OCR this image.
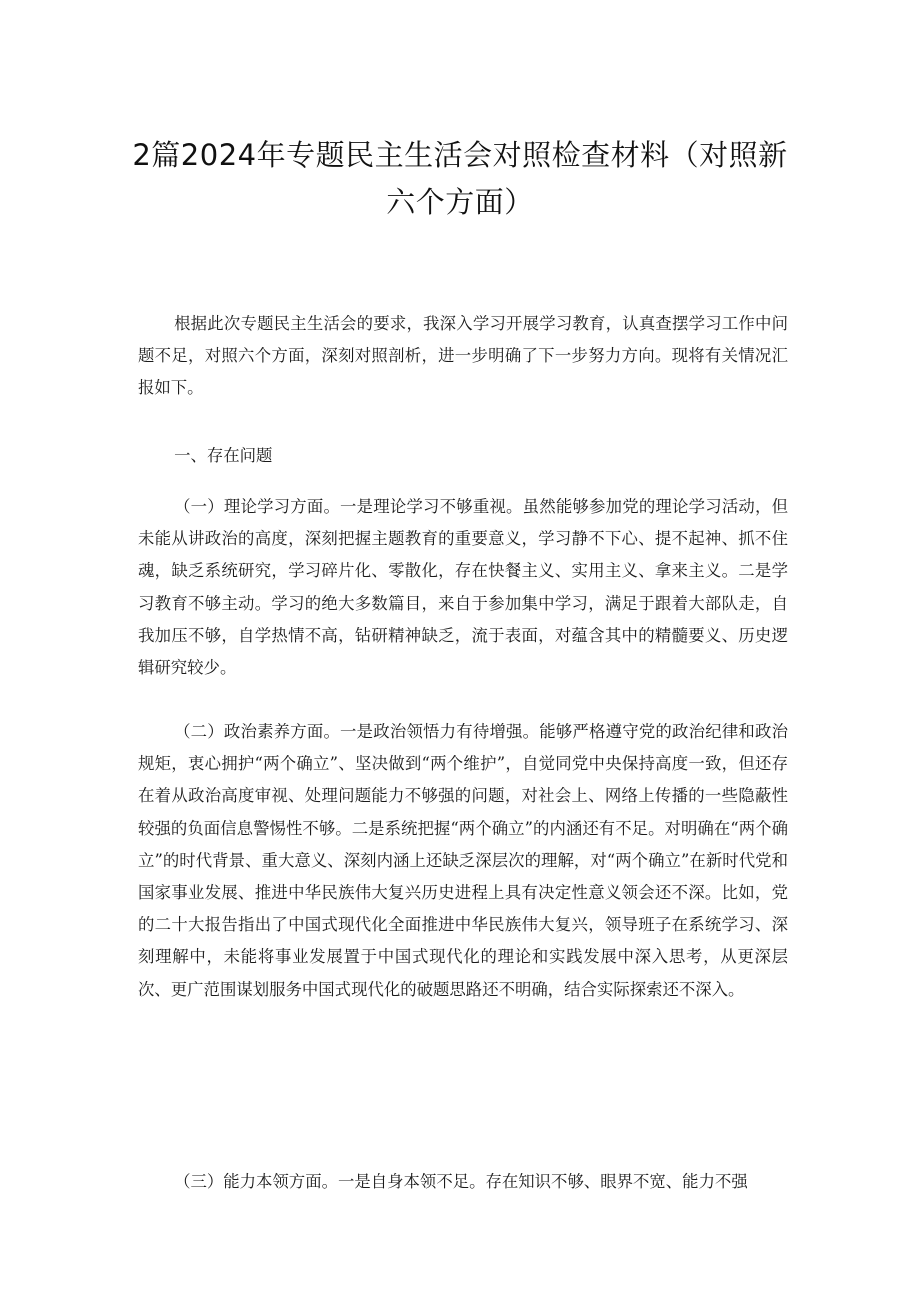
2篇2024年专题民主生活会对照检查材料（对照新六个方面）

根据此次专题民主生活会的要求，我深入学习开展学习教育，认真查摆学习工作中问题不足，对照六个方面，深刻对照剖析，进一步明确了下一步努力方向。现将有关情况汇报如下。

一、存在问题

（一）理论学习方面。一是理论学习不够重视。虽然能够参加党的理论学习活动，但未能从讲政治的高度，深刻把握主题教育的重要意义，学习静不下心、提不起神、抓不住魂，缺乏系统研究，学习碎片化、零散化，存在快餐主义、实用主义、拿来主义。二是学习教育不够主动。学习的绝大多数篇目，来自于参加集中学习，满足于跟着大部队走，自我加压不够，自学热情不高，钻研精神缺乏，流于表面，对蕴含其中的精髓要义、历史逻辑研究较少。

（二）政治素养方面。一是政治领悟力有待增强。能够严格遵守党的政治纪律和政治规矩，衷心拥护“两个确立”、坚决做到“两个维护”，自觉同党中央保持高度一致，但还存在着从政治高度审视、处理问题能力不够强的问题，对社会上、网络上传播的一些隐蔽性较强的负面信息警惕性不够。二是系统把握“两个确立”的内涵还有不足。对明确在“两个确立”的时代背景、重大意义、深刻内涵上还缺乏深层次的理解，对“两个确立”在新时代党和国家事业发展、推进中华民族伟大复兴历史进程上具有决定性意义领会还不深。比如，党的二十大报告指出了中国式现代化全面推进中华民族伟大复兴，领导班子在系统学习、深刻理解中，未能将事业发展置于中国式现代化的理论和实践发展中深入思考，从更深层次、更广范围谋划服务中国式现代化的破题思路还不明确，结合实际探索还不深入。

（三）能力本领方面。一是自身本领不足。存在知识不够、眼界不宽、能力不强
